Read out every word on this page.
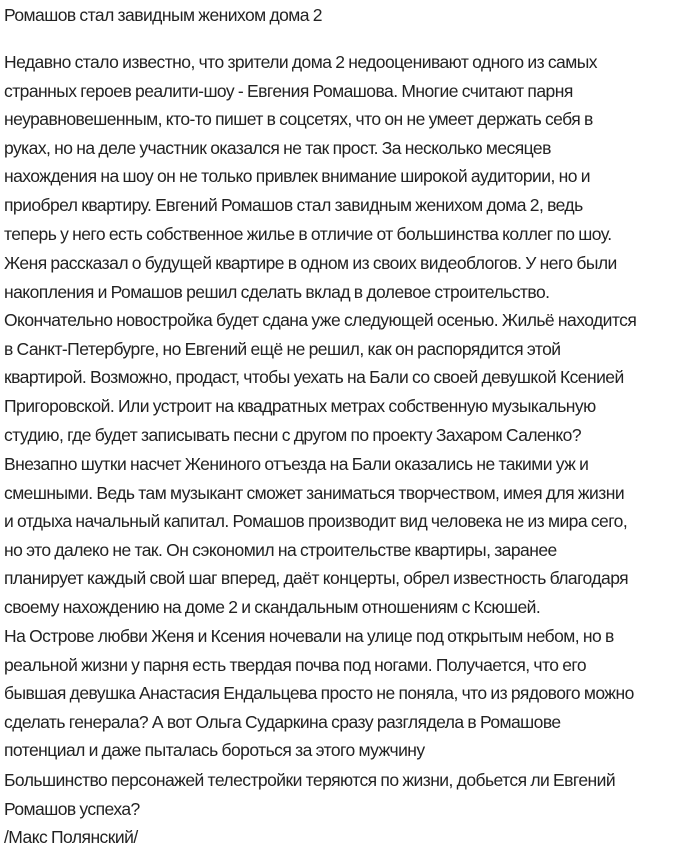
Ромашов стал завидным женихом дома 2
Недавно стало известно, что зрители дома 2 недооценивают одного из самых
странных героев реалити-шоу - Евгения Ромашова. Многие считают парня
неуравновешенным, кто-то пишет в соцсетях, что он не умеет держать себя в
руках, но на деле участник оказался не так прост. За несколько месяцев
нахождения на шоу он не только привлек внимание широкой аудитории, но и
приобрел квартиру. Евгений Ромашов стал завидным женихом дома 2, ведь
теперь у него есть собственное жилье в отличие от большинства коллег по шоу.
Женя рассказал о будущей квартире в одном из своих видеоблогов. У него были
накопления и Ромашов решил сделать вклад в долевое строительство.
Окончательно новостройка будет сдана уже следующей осенью. Жильё находится
в Санкт-Петербурге, но Евгений ещё не решил, как он распорядится этой
квартирой. Возможно, продаст, чтобы уехать на Бали со своей девушкой Ксенией
Пригоровской. Или устроит на квадратных метрах собственную музыкальную
студию, где будет записывать песни с другом по проекту Захаром Саленко?
Внезапно шутки насчет Жениного отъезда на Бали оказались не такими уж и
смешными. Ведь там музыкант сможет заниматься творчеством, имея для жизни
и отдыха начальный капитал. Ромашов производит вид человека не из мира сего,
но это далеко не так. Он сэкономил на строительстве квартиры, заранее
планирует каждый свой шаг вперед, даёт концерты, обрел известность благодаря
своему нахождению на доме 2 и скандальным отношениям с Ксюшей.
На Острове любви Женя и Ксения ночевали на улице под открытым небом, но в
реальной жизни у парня есть твердая почва под ногами. Получается, что его
бывшая девушка Анастасия Ендальцева просто не поняла, что из рядового можно
сделать генерала? А вот Ольга Сударкина сразу разглядела в Ромашове
потенциал и даже пыталась бороться за этого мужчину
Большинство персонажей телестройки теряются по жизни, добьется ли Евгений
Ромашов успеха?
/Макс Полянский/
